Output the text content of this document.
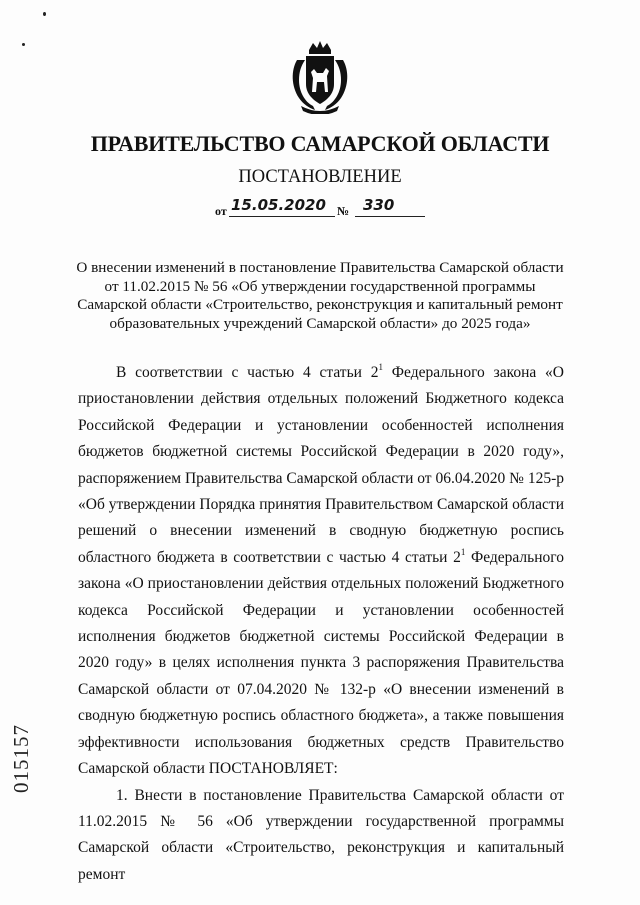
ПРАВИТЕЛЬСТВО САМАРСКОЙ ОБЛАСТИ
ПОСТАНОВЛЕНИЕ
от 15.05.2020 № 330
О внесении изменений в постановление Правительства Самарской области от 11.02.2015 № 56 «Об утверждении государственной программы Самарской области «Строительство, реконструкция и капитальный ремонт образовательных учреждений Самарской области» до 2025 года»

В соответствии с частью 4 статьи $2^1$ Федерального закона «О приостановлении действия отдельных положений Бюджетного кодекса Российской Федерации и установлении особенностей исполнения бюджетов бюджетной системы Российской Федерации в 2020 году», распоряжением Правительства Самарской области от 06.04.2020 № 125-р «Об утверждении Порядка принятия Правительством Самарской области решений о внесении изменений в сводную бюджетную роспись областного бюджета в соответствии с частью 4 статьи $2^1$ Федерального закона «О приостановлении действия отдельных положений Бюджетного кодекса Российской Федерации и установлении особенностей исполнения бюджетов бюджетной системы Российской Федерации в 2020 году» в целях исполнения пункта 3 распоряжения Правительства Самарской области от 07.04.2020 № 132-р «О внесении изменений в сводную бюджетную роспись областного бюджета», а также повышения эффективности использования бюджетных средств Правительство Самарской области ПОСТАНОВЛЯЕТ:

1. Внести в постановление Правительства Самарской области от 11.02.2015 № 56 «Об утверждении государственной программы Самарской области «Строительство, реконструкция и капитальный ремонт

015157
